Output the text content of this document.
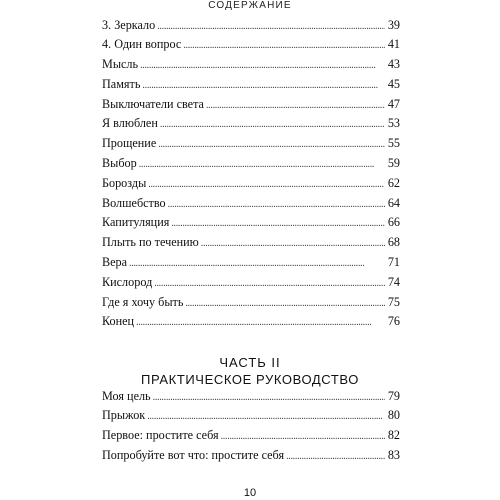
СОДЕРЖАНИЕ
3. Зеркало . . .	39
4. Один вопрос . . .	41
Мысль . . .	43
Память . . .	45
Выключатели света . . .	47
Я влюблен . . .	53
Прощение . . .	55
Выбор . . .	59
Борозды . . .	62
Волшебство . . .	64
Капитуляция . . .	66
Плыть по течению . . .	68
Вера . . .	71
Кислород . . .	74
Где я хочу быть . . .	75
Конец . . .	76
ЧАСТЬ II
ПРАКТИЧЕСКОЕ РУКОВОДСТВО
Моя цель . . .	79
Прыжок . . .	80
Первое: простите себя . . .	82
Попробуйте вот что: простите себя . . .	83
10
